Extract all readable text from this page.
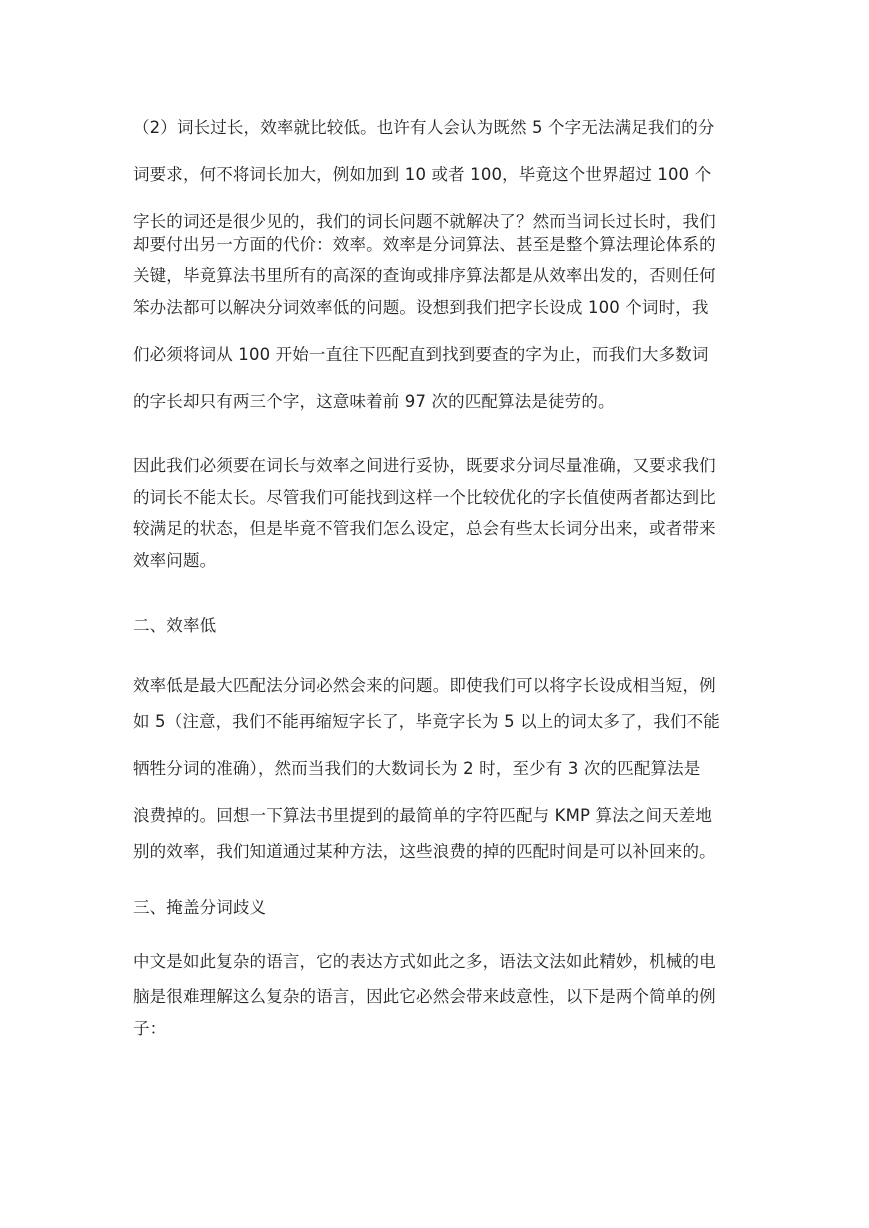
（2）词长过长，效率就比较低。也许有人会认为既然 5 个字无法满足我们的分
词要求，何不将词长加大，例如加到 10 或者 100，毕竟这个世界超过 100 个
字长的词还是很少见的，我们的词长问题不就解决了？然而当词长过长时，我们
却要付出另一方面的代价：效率。效率是分词算法、甚至是整个算法理论体系的
关键，毕竟算法书里所有的高深的查询或排序算法都是从效率出发的，否则任何
笨办法都可以解决分词效率低的问题。设想到我们把字长设成 100 个词时，我
们必须将词从 100 开始一直往下匹配直到找到要查的字为止，而我们大多数词
的字长却只有两三个字，这意味着前 97 次的匹配算法是徒劳的。
因此我们必须要在词长与效率之间进行妥协，既要求分词尽量准确，又要求我们
的词长不能太长。尽管我们可能找到这样一个比较优化的字长值使两者都达到比
较满足的状态，但是毕竟不管我们怎么设定，总会有些太长词分出来，或者带来
效率问题。
二、效率低
效率低是最大匹配法分词必然会来的问题。即使我们可以将字长设成相当短，例
如 5（注意，我们不能再缩短字长了，毕竟字长为 5 以上的词太多了，我们不能
牺牲分词的准确），然而当我们的大数词长为 2 时，至少有 3 次的匹配算法是
浪费掉的。回想一下算法书里提到的最简单的字符匹配与 KMP 算法之间天差地
别的效率，我们知道通过某种方法，这些浪费的掉的匹配时间是可以补回来的。
三、掩盖分词歧义
中文是如此复杂的语言，它的表达方式如此之多，语法文法如此精妙，机械的电
脑是很难理解这么复杂的语言，因此它必然会带来歧意性，以下是两个简单的例
子：
